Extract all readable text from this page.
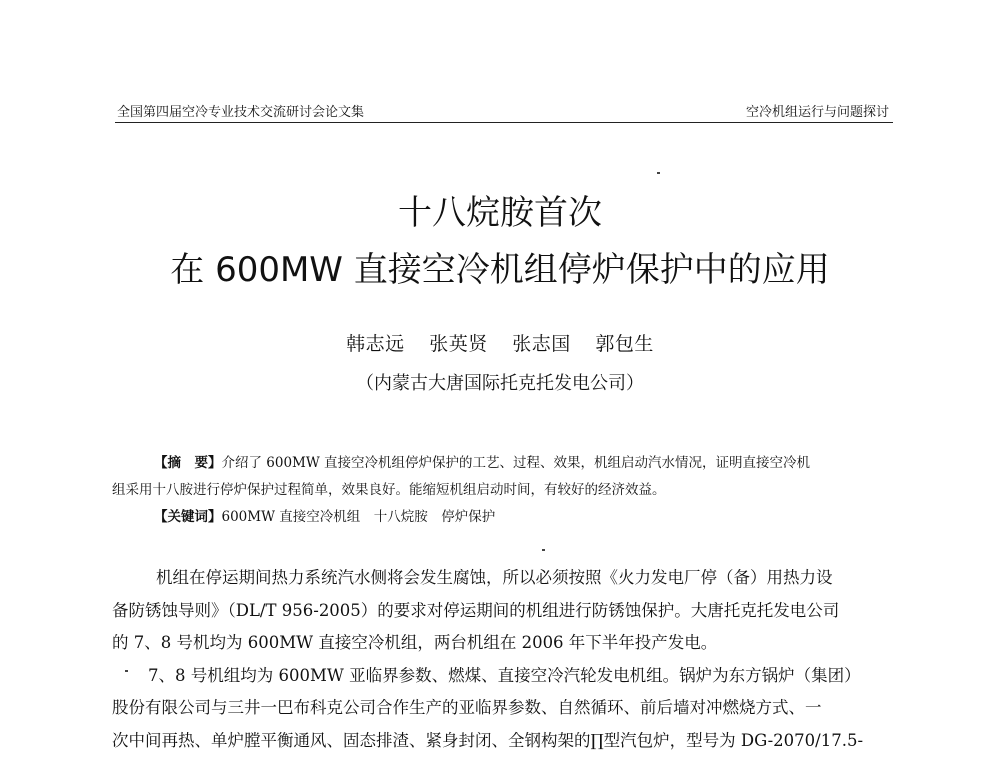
全国第四届空冷专业技术交流研讨会论文集	空冷机组运行与问题探讨
十八烷胺首次
在 600MW 直接空冷机组停炉保护中的应用
韩志远 张英贤 张志国 郭包生
（内蒙古大唐国际托克托发电公司）

【摘　要】介绍了 600MW 直接空冷机组停炉保护的工艺、过程、效果，机组启动汽水情况，证明直接空冷机

组采用十八胺进行停炉保护过程简单，效果良好。能缩短机组启动时间，有较好的经济效益。

【关键词】600MW 直接空冷机组　十八烷胺　停炉保护

机组在停运期间热力系统汽水侧将会发生腐蚀，所以必须按照《火力发电厂停（备）用热力设

备防锈蚀导则》（DL/T 956-2005）的要求对停运期间的机组进行防锈蚀保护。大唐托克托发电公司

的 7、8 号机均为 600MW 直接空冷机组，两台机组在 2006 年下半年投产发电。

7、8 号机组均为 600MW 亚临界参数、燃煤、直接空冷汽轮发电机组。锅炉为东方锅炉（集团）

股份有限公司与三井一巴布科克公司合作生产的亚临界参数、自然循环、前后墙对冲燃烧方式、一

次中间再热、单炉膛平衡通风、固态排渣、紧身封闭、全钢构架的∏型汽包炉，型号为 DG-2070/17.5-
